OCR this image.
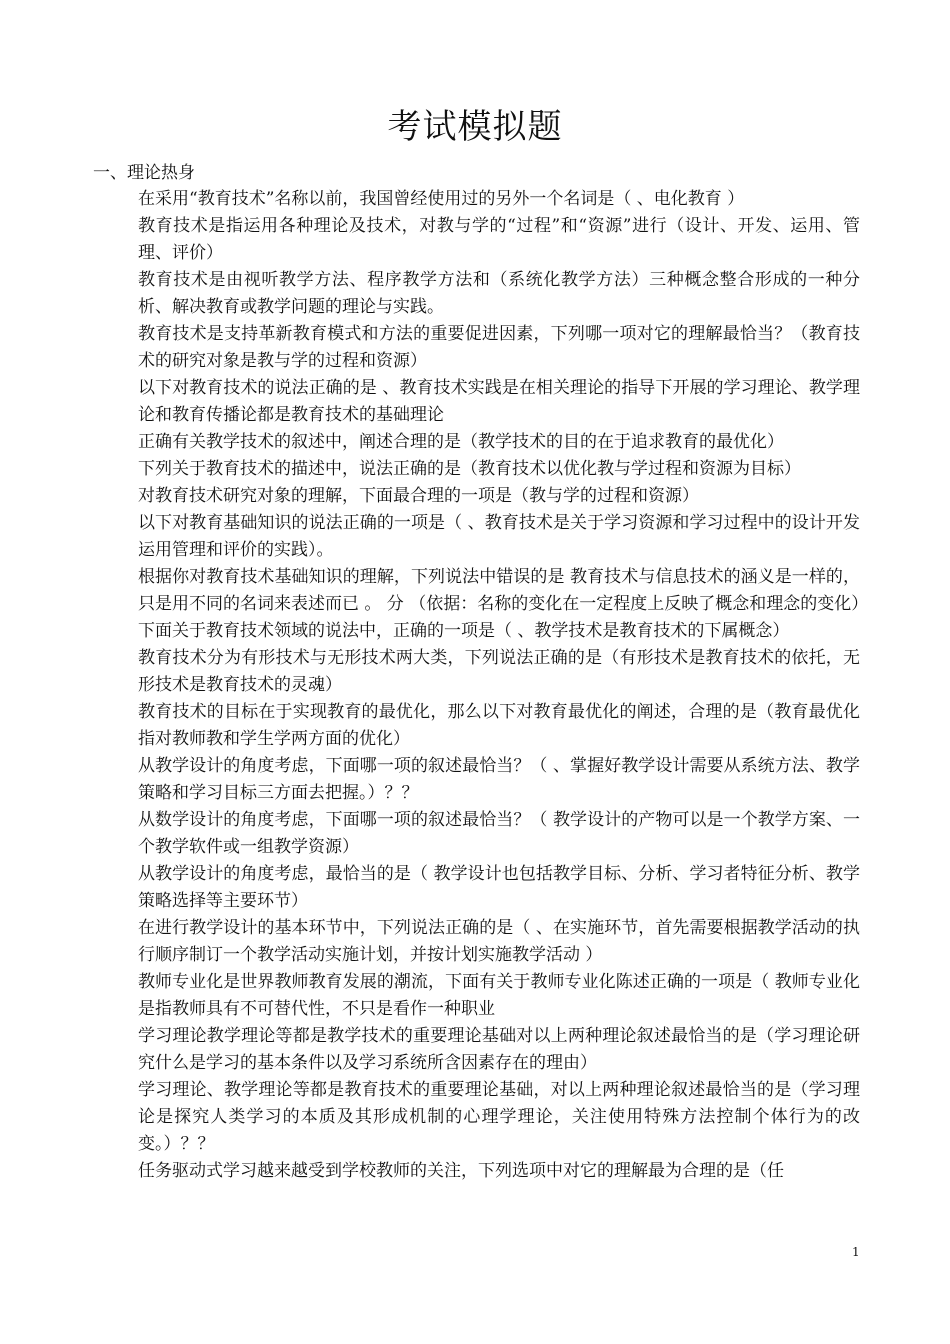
考试模拟题
一、理论热身

在采用“教育技术”名称以前，我国曾经使用过的另外一个名词是（ 、电化教育 ）

教育技术是指运用各种理论及技术，对教与学的“过程”和“资源”进行（设计、开发、运用、管理、评价）

教育技术是由视听教学方法、程序教学方法和（系统化教学方法）三种概念整合形成的一种分析、解决教育或教学问题的理论与实践。

教育技术是支持革新教育模式和方法的重要促进因素，下列哪一项对它的理解最恰当？（教育技术的研究对象是教与学的过程和资源）

以下对教育技术的说法正确的是 、教育技术实践是在相关理论的指导下开展的学习理论、教学理论和教育传播论都是教育技术的基础理论

正确有关教学技术的叙述中，阐述合理的是（教学技术的目的在于追求教育的最优化）

下列关于教育技术的描述中，说法正确的是（教育技术以优化教与学过程和资源为目标）

对教育技术研究对象的理解，下面最合理的一项是（教与学的过程和资源）

以下对教育基础知识的说法正确的一项是（ 、教育技术是关于学习资源和学习过程中的设计开发运用管理和评价的实践）。

根据你对教育技术基础知识的理解，下列说法中错误的是 教育技术与信息技术的涵义是一样的，只是用不同的名词来表述而已 。 分 （依据：名称的变化在一定程度上反映了概念和理念的变化）

下面关于教育技术领域的说法中，正确的一项是（ 、教学技术是教育技术的下属概念）

教育技术分为有形技术与无形技术两大类，下列说法正确的是（有形技术是教育技术的依托，无形技术是教育技术的灵魂）

教育技术的目标在于实现教育的最优化，那么以下对教育最优化的阐述，合理的是（教育最优化指对教师教和学生学两方面的优化）

从教学设计的角度考虑，下面哪一项的叙述最恰当？（ 、掌握好教学设计需要从系统方法、教学策略和学习目标三方面去把握。）？？

从数学设计的角度考虑，下面哪一项的叙述最恰当？（ 教学设计的产物可以是一个教学方案、一个教学软件或一组教学资源）

从教学设计的角度考虑，最恰当的是（ 教学设计也包括教学目标、分析、学习者特征分析、教学策略选择等主要环节）

在进行教学设计的基本环节中，下列说法正确的是（ 、在实施环节，首先需要根据教学活动的执行顺序制订一个教学活动实施计划，并按计划实施教学活动 ）

教师专业化是世界教师教育发展的潮流，下面有关于教师专业化陈述正确的一项是（ 教师专业化是指教师具有不可替代性，不只是看作一种职业

学习理论教学理论等都是教学技术的重要理论基础对以上两种理论叙述最恰当的是（学习理论研究什么是学习的基本条件以及学习系统所含因素存在的理由）

学习理论、教学理论等都是教育技术的重要理论基础，对以上两种理论叙述最恰当的是（学习理论是探究人类学习的本质及其形成机制的心理学理论，关注使用特殊方法控制个体行为的改变。）？？

任务驱动式学习越来越受到学校教师的关注，下列选项中对它的理解最为合理的是（任

1
